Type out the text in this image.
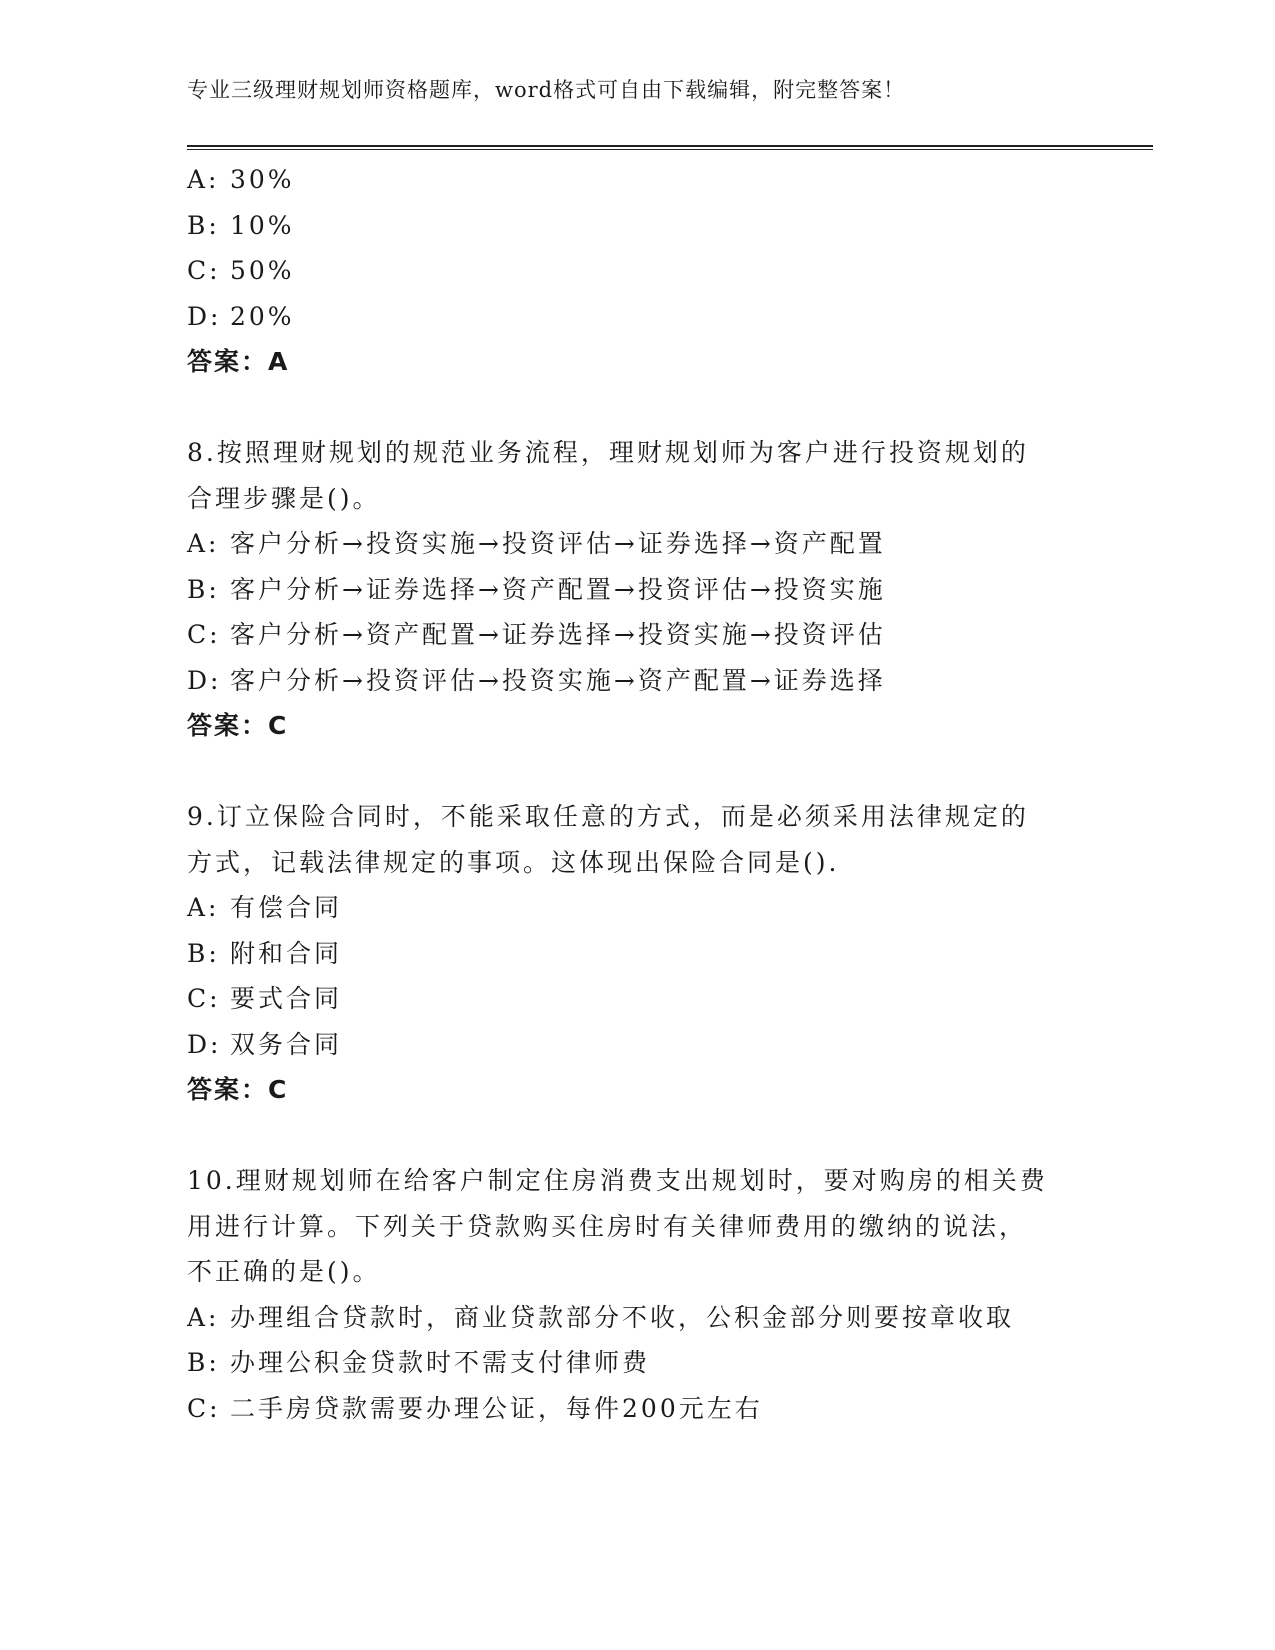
专业三级理财规划师资格题库，word格式可自由下载编辑，附完整答案！
A: 30%
B: 10%
C: 50%
D: 20%
答案：A
8.按照理财规划的规范业务流程，理财规划师为客户进行投资规划的
合理步骤是()。
A: 客户分析→投资实施→投资评估→证券选择→资产配置
B: 客户分析→证券选择→资产配置→投资评估→投资实施
C: 客户分析→资产配置→证券选择→投资实施→投资评估
D: 客户分析→投资评估→投资实施→资产配置→证券选择
答案：C
9.订立保险合同时，不能采取任意的方式，而是必须采用法律规定的
方式，记载法律规定的事项。这体现出保险合同是().
A: 有偿合同
B: 附和合同
C: 要式合同
D: 双务合同
答案：C
10.理财规划师在给客户制定住房消费支出规划时，要对购房的相关费
用进行计算。下列关于贷款购买住房时有关律师费用的缴纳的说法，
不正确的是()。
A: 办理组合贷款时，商业贷款部分不收，公积金部分则要按章收取
B: 办理公积金贷款时不需支付律师费
C: 二手房贷款需要办理公证，每件200元左右
